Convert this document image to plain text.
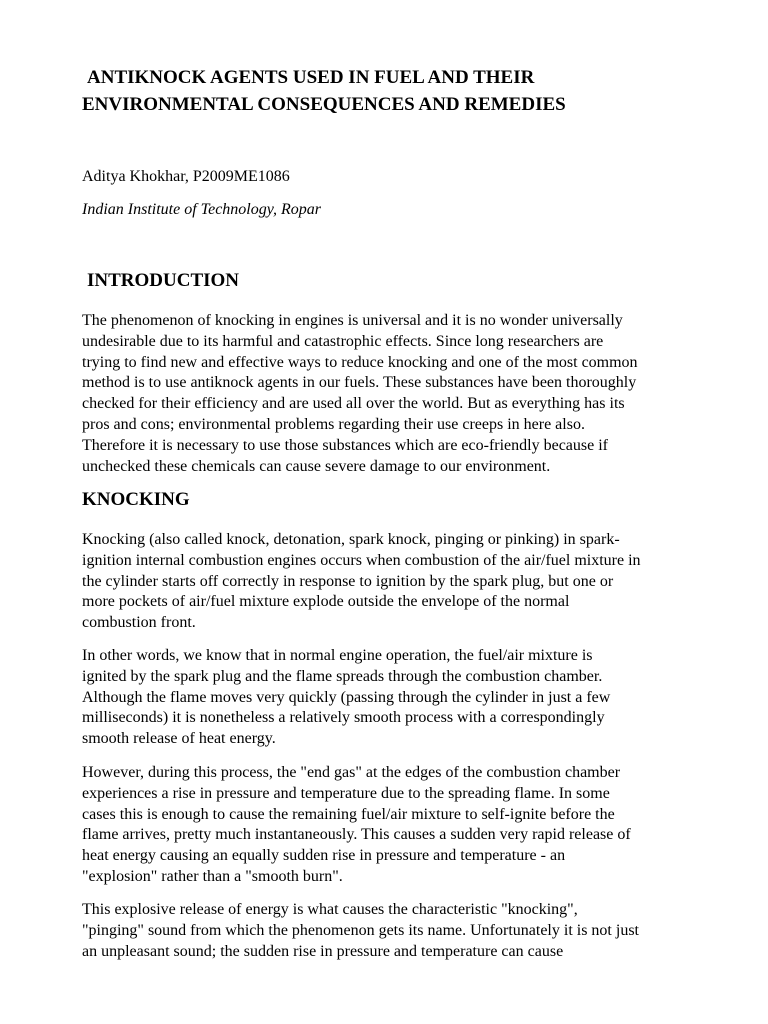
ANTIKNOCK AGENTS USED IN FUEL AND THEIR
ENVIRONMENTAL CONSEQUENCES AND REMEDIES

Aditya Khokhar, P2009ME1086

Indian Institute of Technology, Ropar

INTRODUCTION

The phenomenon of knocking in engines is universal and it is no wonder universally
undesirable due to its harmful and catastrophic effects. Since long researchers are
trying to find new and effective ways to reduce knocking and one of the most common
method is to use antiknock agents in our fuels. These substances have been thoroughly
checked for their efficiency and are used all over the world. But as everything has its
pros and cons; environmental problems regarding their use creeps in here also.
Therefore it is necessary to use those substances which are eco-friendly because if
unchecked these chemicals can cause severe damage to our environment.

KNOCKING

Knocking (also called knock, detonation, spark knock, pinging or pinking) in spark-
ignition internal combustion engines occurs when combustion of the air/fuel mixture in
the cylinder starts off correctly in response to ignition by the spark plug, but one or
more pockets of air/fuel mixture explode outside the envelope of the normal
combustion front.

In other words, we know that in normal engine operation, the fuel/air mixture is
ignited by the spark plug and the flame spreads through the combustion chamber.
Although the flame moves very quickly (passing through the cylinder in just a few
milliseconds) it is nonetheless a relatively smooth process with a correspondingly
smooth release of heat energy.

However, during this process, the "end gas" at the edges of the combustion chamber
experiences a rise in pressure and temperature due to the spreading flame. In some
cases this is enough to cause the remaining fuel/air mixture to self-ignite before the
flame arrives, pretty much instantaneously. This causes a sudden very rapid release of
heat energy causing an equally sudden rise in pressure and temperature - an
"explosion" rather than a "smooth burn".

This explosive release of energy is what causes the characteristic "knocking",
"pinging" sound from which the phenomenon gets its name. Unfortunately it is not just
an unpleasant sound; the sudden rise in pressure and temperature can cause
